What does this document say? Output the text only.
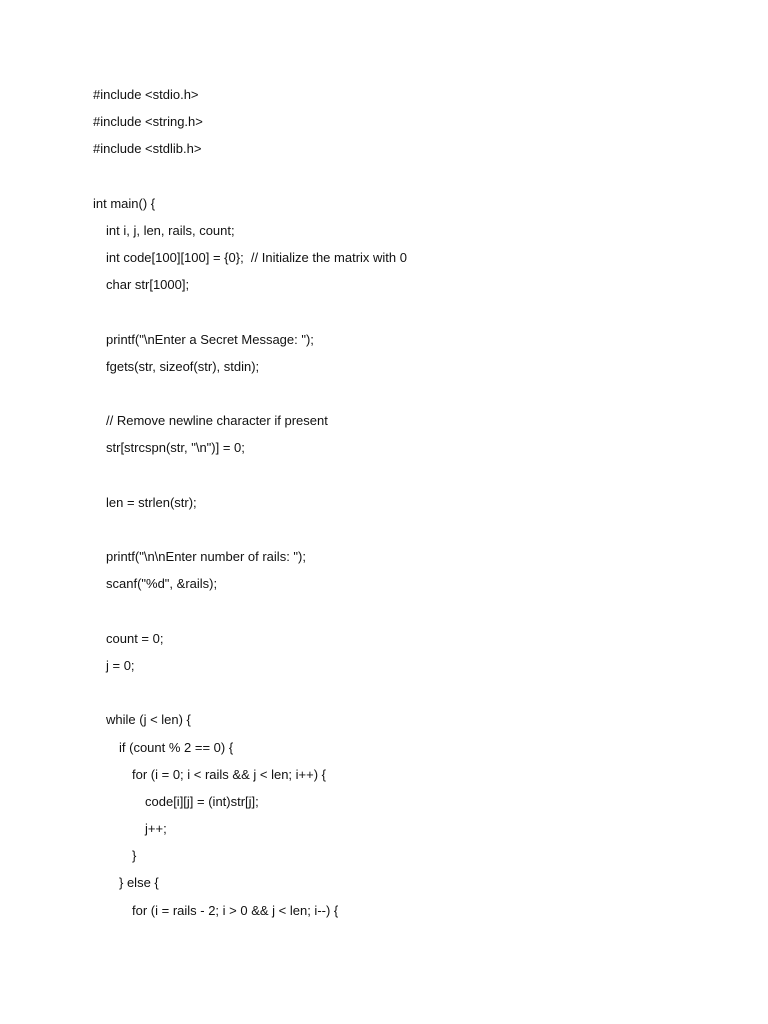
#include <stdio.h>
#include <string.h>
#include <stdlib.h>
int main() {
int i, j, len, rails, count;
int code[100][100] = {0};  // Initialize the matrix with 0
char str[1000];
printf("\nEnter a Secret Message: ");
fgets(str, sizeof(str), stdin);
// Remove newline character if present
str[strcspn(str, "\n")] = 0;
len = strlen(str);
printf("\n\nEnter number of rails: ");
scanf("%d", &rails);
count = 0;
j = 0;
while (j < len) {
if (count % 2 == 0) {
for (i = 0; i < rails && j < len; i++) {
code[i][j] = (int)str[j];
j++;
}
} else {
for (i = rails - 2; i > 0 && j < len; i--) {
